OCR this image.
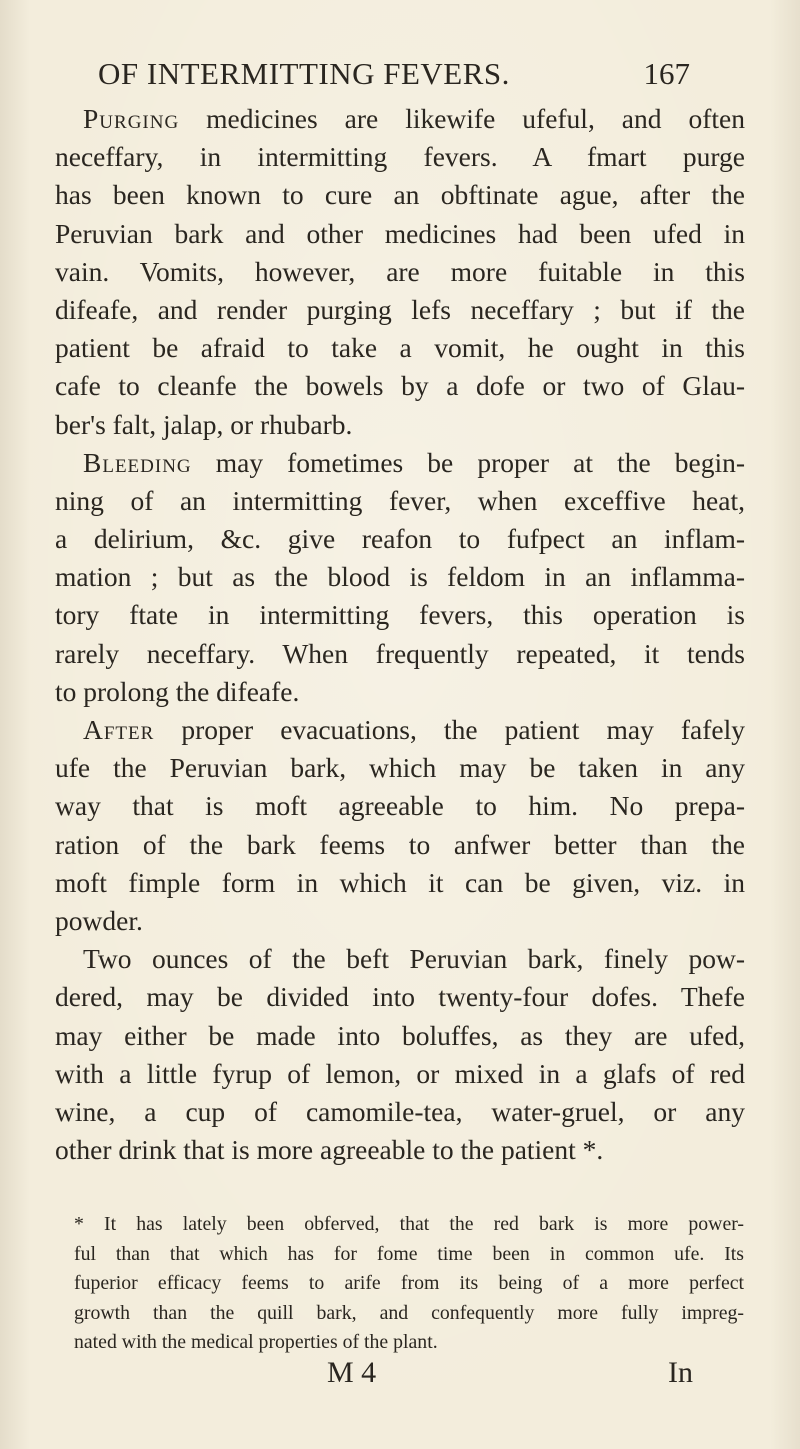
OF INTERMITTING FEVERS.	167
Purging medicines are likewife ufeful, and often
neceffary, in intermitting fevers. A fmart purge
has been known to cure an obftinate ague, after the
Peruvian bark and other medicines had been ufed in
vain. Vomits, however, are more fuitable in this
difeafe, and render purging lefs neceffary ; but if the
patient be afraid to take a vomit, he ought in this
cafe to cleanfe the bowels by a dofe or two of Glau-
ber's falt, jalap, or rhubarb.
Bleeding may fometimes be proper at the begin-
ning of an intermitting fever, when exceffive heat,
a delirium, &c. give reafon to fufpect an inflam-
mation ; but as the blood is feldom in an inflamma-
tory ftate in intermitting fevers, this operation is
rarely neceffary. When frequently repeated, it tends
to prolong the difeafe.
After proper evacuations, the patient may fafely
ufe the Peruvian bark, which may be taken in any
way that is moft agreeable to him. No prepa-
ration of the bark feems to anfwer better than the
moft fimple form in which it can be given, viz. in
powder.
Two ounces of the beft Peruvian bark, finely pow-
dered, may be divided into twenty-four dofes. Thefe
may either be made into boluffes, as they are ufed,
with a little fyrup of lemon, or mixed in a glafs of red
wine, a cup of camomile-tea, water-gruel, or any
other drink that is more agreeable to the patient *.
* It has lately been obferved, that the red bark is more power-
ful than that which has for fome time been in common ufe. Its
fuperior efficacy feems to arife from its being of a more perfect
growth than the quill bark, and confequently more fully impreg-
nated with the medical properties of the plant.
M 4	In
